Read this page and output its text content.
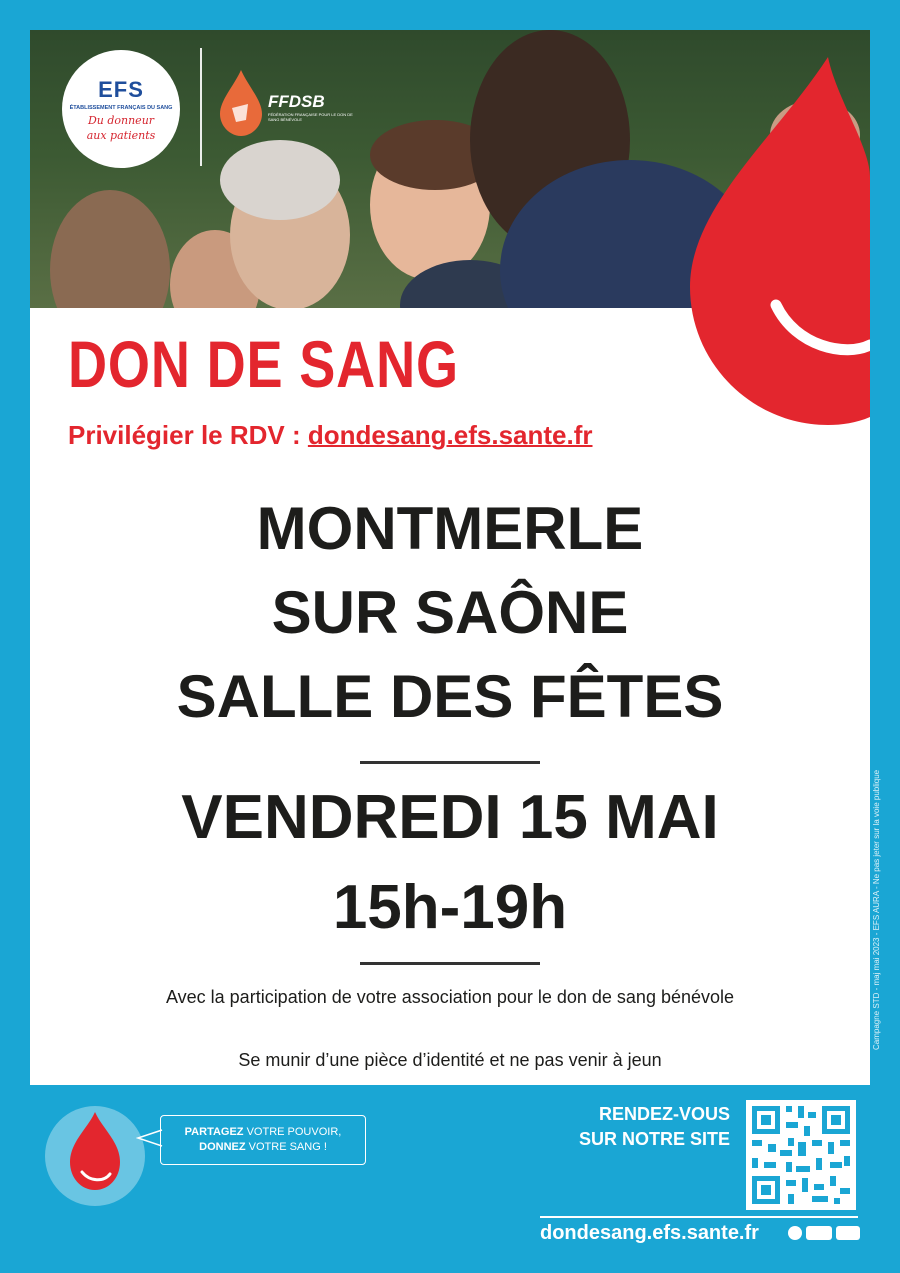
EFS
ÉTABLISSEMENT FRANÇAIS DU SANG
Du donneur
aux patients
FFDSB
FÉDÉRATION FRANÇAISE POUR LE DON DE SANG BÉNÉVOLE
DON DE SANG
Privilégier le RDV : dondesang.efs.sante.fr
MONTMERLE
SUR SAÔNE
SALLE DES FÊTES
VENDREDI 15 MAI
15h-19h
Avec la participation de votre association pour le don de sang bénévole
Se munir d’une pièce d’identité et ne pas venir à jeun
Campagne STD - maj mai 2023 - EFS AURA - Ne pas jeter sur la voie publique
PARTAGEZ VOTRE POUVOIR,
DONNEZ VOTRE SANG !
RENDEZ-VOUS
SUR NOTRE SITE
dondesang.efs.sante.fr
